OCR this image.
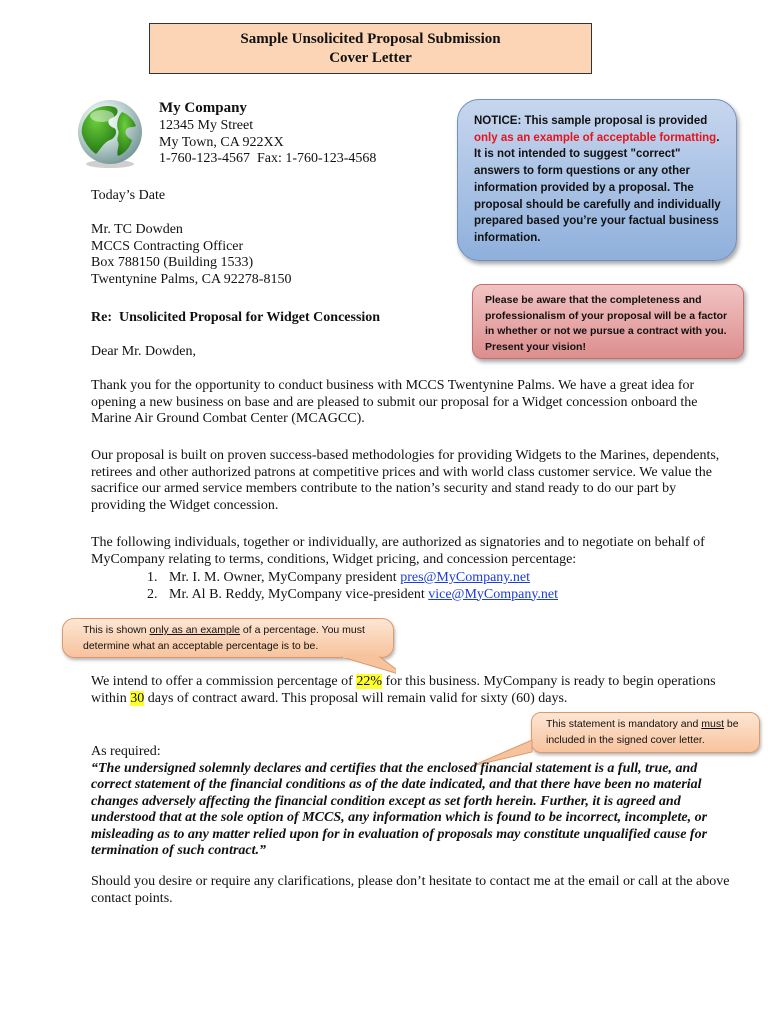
Sample Unsolicited Proposal Submission
Cover Letter
My Company
12345 My Street
My Town, CA 922XX
1-760-123-4567  Fax: 1-760-123-4568
NOTICE: This sample proposal is provided only as an example of acceptable formatting. It is not intended to suggest "correct" answers to form questions or any other information provided by a proposal. The proposal should be carefully and individually prepared based you’re your factual business information.
Please be aware that the completeness and professionalism of your proposal will be a factor in whether or not we pursue a contract with you. Present your vision!
Today’s Date
Mr. TC Dowden
MCCS Contracting Officer
Box 788150 (Building 1533)
Twentynine Palms, CA 92278-8150
Re:  Unsolicited Proposal for Widget Concession
Dear Mr. Dowden,
Thank you for the opportunity to conduct business with MCCS Twentynine Palms. We have a great idea for opening a new business on base and are pleased to submit our proposal for a Widget concession onboard the Marine Air Ground Combat Center (MCAGCC).
Our proposal is built on proven success-based methodologies for providing Widgets to the Marines, dependents, retirees and other authorized patrons at competitive prices and with world class customer service. We value the sacrifice our armed service members contribute to the nation’s security and stand ready to do our part by providing the Widget concession.
The following individuals, together or individually, are authorized as signatories and to negotiate on behalf of MyCompany relating to terms, conditions, Widget pricing, and concession percentage:
1. Mr. I. M. Owner, MyCompany president pres@MyCompany.net
2. Mr. Al B. Reddy, MyCompany vice-president vice@MyCompany.net
This is shown only as an example of a percentage. You must determine what an acceptable percentage is to be.
We intend to offer a commission percentage of 22% for this business. MyCompany is ready to begin operations within 30 days of contract award. This proposal will remain valid for sixty (60) days.
This statement is mandatory and must be included in the signed cover letter.
As required:
“The undersigned solemnly declares and certifies that the enclosed financial statement is a full, true, and correct statement of the financial conditions as of the date indicated, and that there have been no material changes adversely affecting the financial condition except as set forth herein. Further, it is agreed and understood that at the sole option of MCCS, any information which is found to be incorrect, incomplete, or misleading as to any matter relied upon for in evaluation of proposals may constitute unqualified cause for termination of such contract.”
Should you desire or require any clarifications, please don’t hesitate to contact me at the email or call at the above contact points.
